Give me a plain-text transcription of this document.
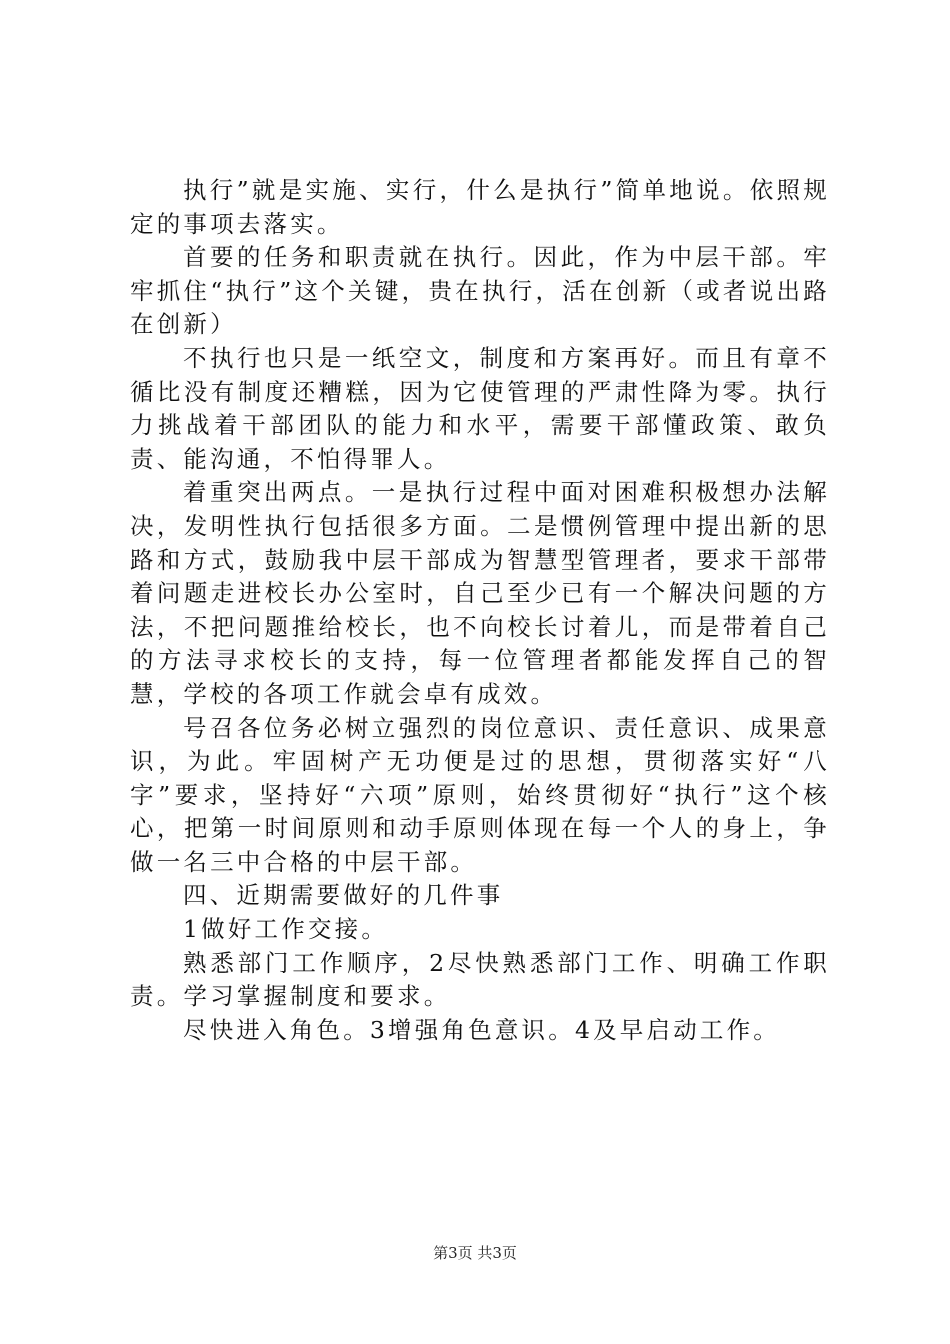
执行”就是实施、实行，什么是执行”简单地说。依照规定的事项去落实。

首要的任务和职责就在执行。因此，作为中层干部。牢牢抓住“执行”这个关键，贵在执行，活在创新（或者说出路在创新）

不执行也只是一纸空文，制度和方案再好。而且有章不循比没有制度还糟糕，因为它使管理的严肃性降为零。执行力挑战着干部团队的能力和水平，需要干部懂政策、敢负责、能沟通，不怕得罪人。

着重突出两点。一是执行过程中面对困难积极想办法解决，发明性执行包括很多方面。二是惯例管理中提出新的思路和方式，鼓励我中层干部成为智慧型管理者，要求干部带着问题走进校长办公室时，自己至少已有一个解决问题的方法，不把问题推给校长，也不向校长讨着儿，而是带着自己的方法寻求校长的支持，每一位管理者都能发挥自己的智慧，学校的各项工作就会卓有成效。

号召各位务必树立强烈的岗位意识、责任意识、成果意识，为此。牢固树产无功便是过的思想，贯彻落实好“八字”要求，坚持好“六项”原则，始终贯彻好“执行”这个核心，把第一时间原则和动手原则体现在每一个人的身上，争做一名三中合格的中层干部。

四、近期需要做好的几件事

1做好工作交接。

熟悉部门工作顺序，2尽快熟悉部门工作、明确工作职责。学习掌握制度和要求。

尽快进入角色。3增强角色意识。4及早启动工作。

第3页 共3页
